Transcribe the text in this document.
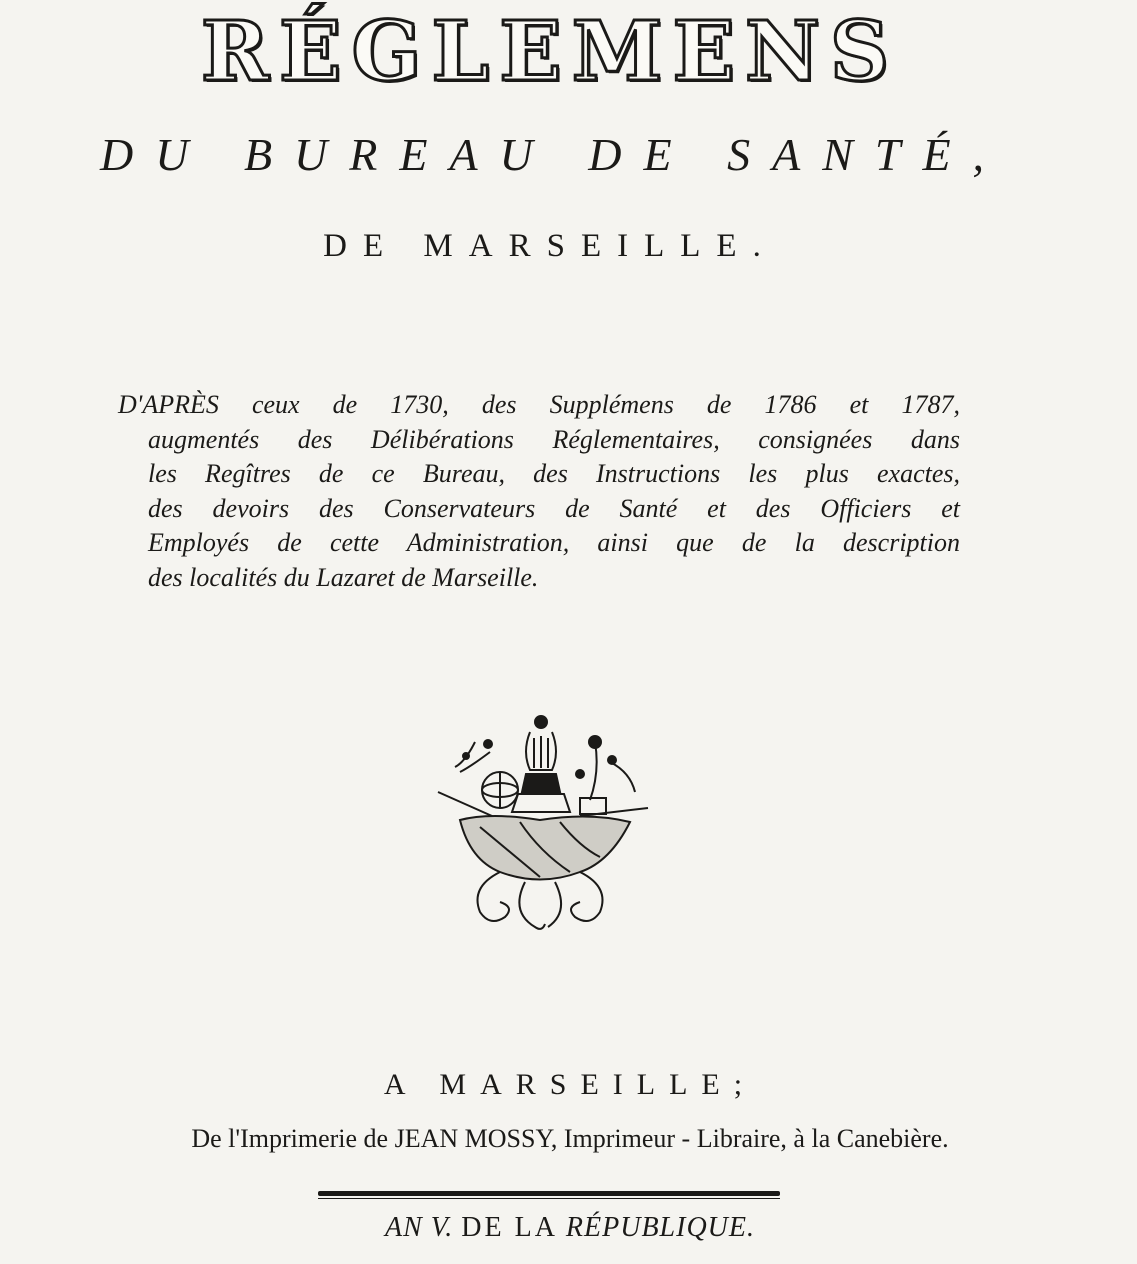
RÉGLEMENS
DU BUREAU DE SANTÉ,
DE MARSEILLE.
D'APRÈS ceux de 1730, des Supplémens de 1786 et 1787,
augmentés des Délibérations Réglementaires, consignées dans
les Regîtres de ce Bureau, des Instructions les plus exactes,
des devoirs des Conservateurs de Santé et des Officiers et
Employés de cette Administration, ainsi que de la description
des localités du Lazaret de Marseille.
A MARSEILLE;
De l'Imprimerie de JEAN MOSSY, Imprimeur - Libraire, à la Canebière.
AN V. DE LA RÉPUBLIQUE.
